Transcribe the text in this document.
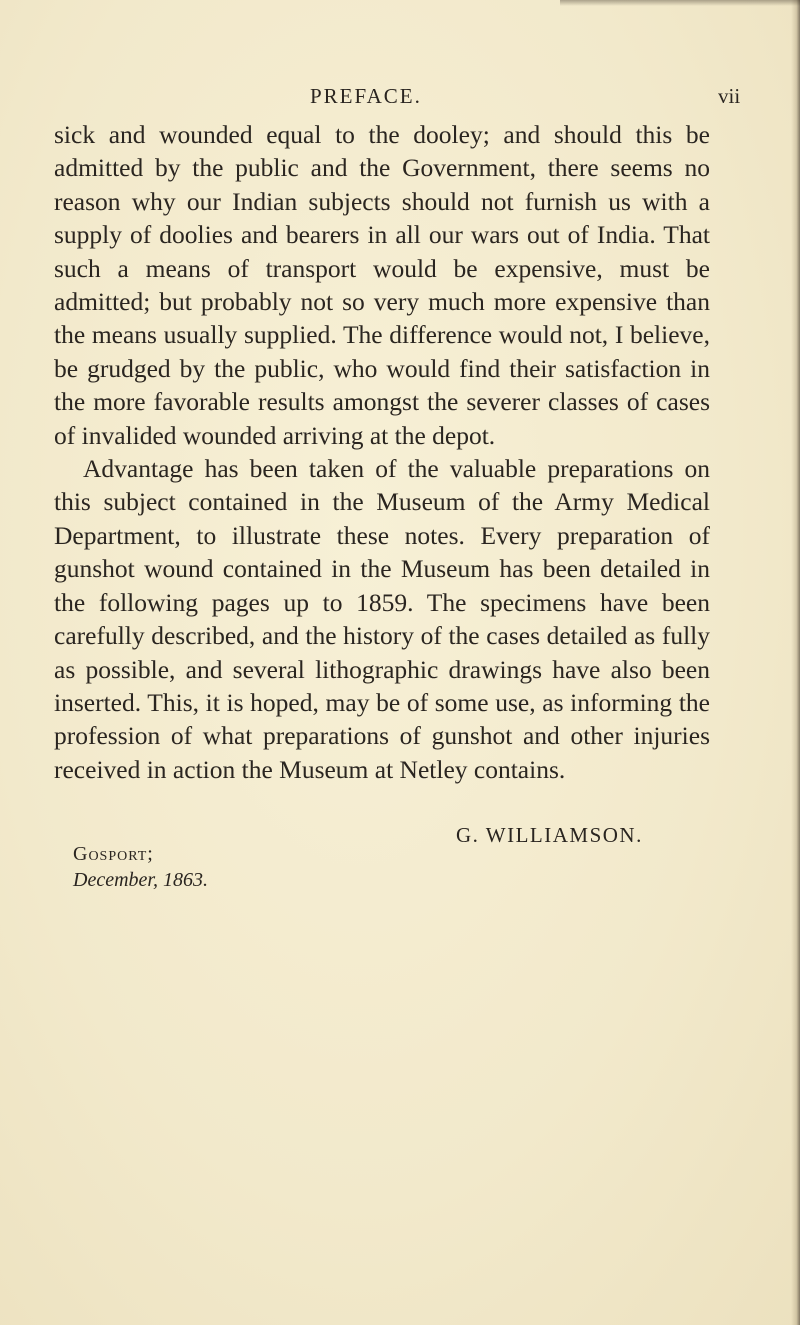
PREFACE.	vii

sick and wounded equal to the dooley; and should this be admitted by the public and the Government, there seems no reason why our Indian subjects should not furnish us with a supply of doolies and bearers in all our wars out of India. That such a means of transport would be expensive, must be admitted; but probably not so very much more expensive than the means usually supplied. The difference would not, I believe, be grudged by the public, who would find their satisfaction in the more favorable results amongst the severer classes of cases of invalided wounded arriving at the depot.

Advantage has been taken of the valuable preparations on this subject contained in the Museum of the Army Medical Department, to illustrate these notes. Every preparation of gunshot wound contained in the Museum has been detailed in the following pages up to 1859. The specimens have been carefully described, and the history of the cases detailed as fully as possible, and several lithographic drawings have also been inserted. This, it is hoped, may be of some use, as informing the profession of what preparations of gunshot and other injuries received in action the Museum at Netley contains.

G. WILLIAMSON.
Gosport;
December, 1863.
